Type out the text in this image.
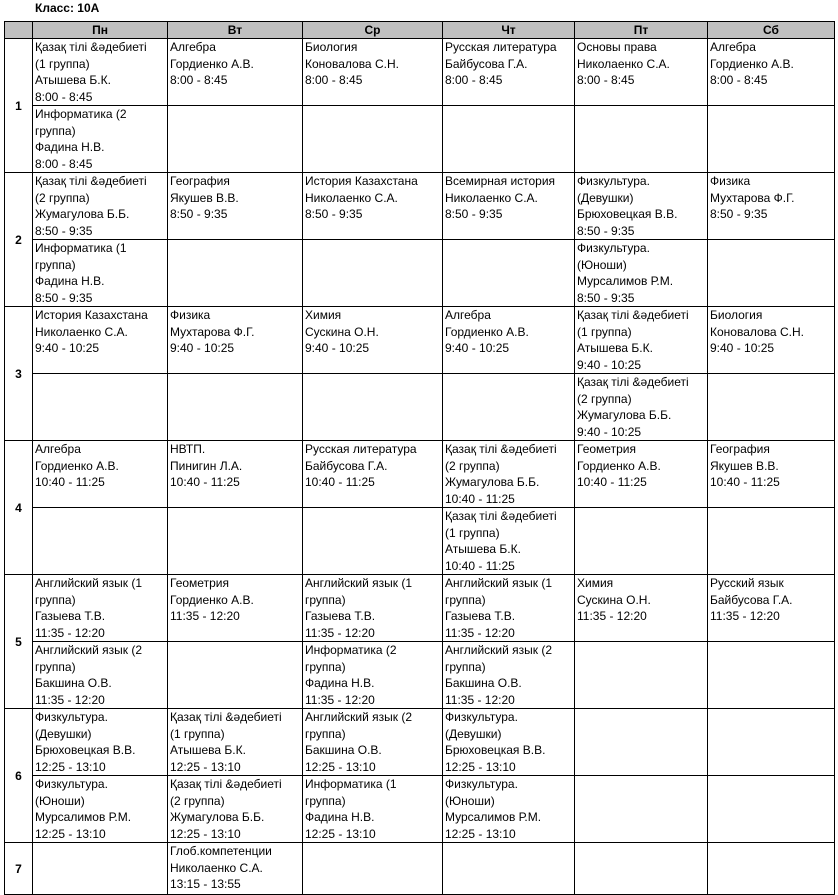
Класс: 10А
	Пн	Вт	Ср	Чт	Пт	Сб
1	Қазақ тілі &әдебиеті
(1 группа)
Атышева Б.К.
8:00 - 8:45	Алгебра
Гордиенко А.В.
8:00 - 8:45	Биология
Коновалова С.Н.
8:00 - 8:45	Русская литература
Байбусова Г.А.
8:00 - 8:45	Основы права
Николаенко С.А.
8:00 - 8:45	Алгебра
Гордиенко А.В.
8:00 - 8:45

	Информатика (2
группа)
Фадина Н.В.
8:00 - 8:45					

2	Қазақ тілі &әдебиеті
(2 группа)
Жумагулова Б.Б.
8:50 - 9:35	География
Якушев В.В.
8:50 - 9:35	История Казахстана
Николаенко С.А.
8:50 - 9:35	Всемирная история
Николаенко С.А.
8:50 - 9:35	Физкультура.
(Девушки)
Брюховецкая В.В.
8:50 - 9:35	Физика
Мухтарова Ф.Г.
8:50 - 9:35

	Информатика (1
группа)
Фадина Н.В.
8:50 - 9:35				Физкультура.
(Юноши)
Мурсалимов Р.М.
8:50 - 9:35	

3	История Казахстана
Николаенко С.А.
9:40 - 10:25	Физика
Мухтарова Ф.Г.
9:40 - 10:25	Химия
Сускина О.Н.
9:40 - 10:25	Алгебра
Гордиенко А.В.
9:40 - 10:25	Қазақ тілі &әдебиеті
(1 группа)
Атышева Б.К.
9:40 - 10:25	Биология
Коновалова С.Н.
9:40 - 10:25

					Қазақ тілі &әдебиеті
(2 группа)
Жумагулова Б.Б.
9:40 - 10:25	

4	Алгебра
Гордиенко А.В.
10:40 - 11:25	НВТП.
Пинигин Л.А.
10:40 - 11:25	Русская литература
Байбусова Г.А.
10:40 - 11:25	Қазақ тілі &әдебиеті
(2 группа)
Жумагулова Б.Б.
10:40 - 11:25	Геометрия
Гордиенко А.В.
10:40 - 11:25	География
Якушев В.В.
10:40 - 11:25

				Қазақ тілі &әдебиеті
(1 группа)
Атышева Б.К.
10:40 - 11:25		

5	Английский язык (1
группа)
Газыева Т.В.
11:35 - 12:20	Геометрия
Гордиенко А.В.
11:35 - 12:20	Английский язык (1
группа)
Газыева Т.В.
11:35 - 12:20	Английский язык (1
группа)
Газыева Т.В.
11:35 - 12:20	Химия
Сускина О.Н.
11:35 - 12:20	Русский язык
Байбусова Г.А.
11:35 - 12:20

	Английский язык (2
группа)
Бакшина О.В.
11:35 - 12:20		Информатика (2
группа)
Фадина Н.В.
11:35 - 12:20	Английский язык (2
группа)
Бакшина О.В.
11:35 - 12:20		

6	Физкультура.
(Девушки)
Брюховецкая В.В.
12:25 - 13:10	Қазақ тілі &әдебиеті
(1 группа)
Атышева Б.К.
12:25 - 13:10	Английский язык (2
группа)
Бакшина О.В.
12:25 - 13:10	Физкультура.
(Девушки)
Брюховецкая В.В.
12:25 - 13:10		

	Физкультура.
(Юноши)
Мурсалимов Р.М.
12:25 - 13:10	Қазақ тілі &әдебиеті
(2 группа)
Жумагулова Б.Б.
12:25 - 13:10	Информатика (1
группа)
Фадина Н.В.
12:25 - 13:10	Физкультура.
(Юноши)
Мурсалимов Р.М.
12:25 - 13:10		

7		Глоб.компетенции
Николаенко С.А.
13:15 - 13:55				
